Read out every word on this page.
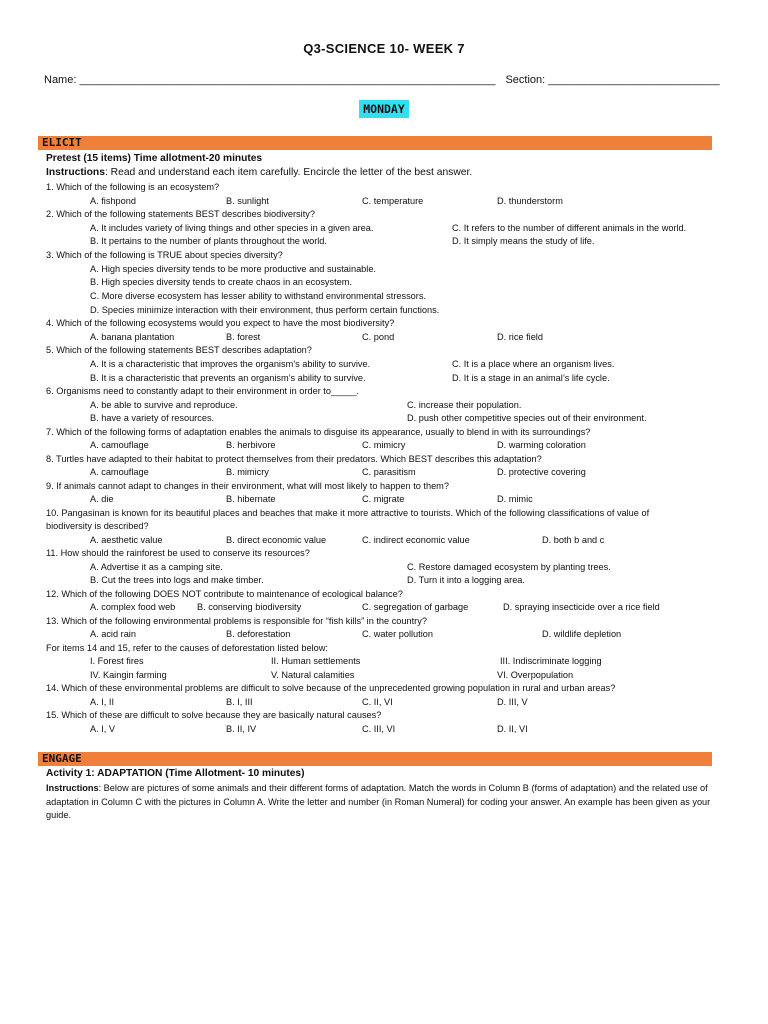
Q3-SCIENCE 10- WEEK 7
Name: ____________________________________________________________________ Section: ____________________________
MONDAY
ELICIT
Pretest (15 items) Time allotment-20 minutes
Instructions: Read and understand each item carefully. Encircle the letter of the best answer.
1. Which of the following is an ecosystem?
A. fishpond	B. sunlight	C. temperature	D. thunderstorm
2. Which of the following statements BEST describes biodiversity?
A. It includes variety of living things and other species in a given area.	C. It refers to the number of different animals in the world.
B. It pertains to the number of plants throughout the world.	D. It simply means the study of life.
3. Which of the following is TRUE about species diversity?
A. High species diversity tends to be more productive and sustainable.
B. High species diversity tends to create chaos in an ecosystem.
C. More diverse ecosystem has lesser ability to withstand environmental stressors.
D. Species minimize interaction with their environment, thus perform certain functions.
4. Which of the following ecosystems would you expect to have the most biodiversity?
A. banana plantation	B. forest	C. pond	D. rice field
5. Which of the following statements BEST describes adaptation?
A. It is a characteristic that improves the organism’s ability to survive.	C. It is a place where an organism lives.
B. It is a characteristic that prevents an organism’s ability to survive.	D. It is a stage in an animal’s life cycle.
6. Organisms need to constantly adapt to their environment in order to_____.
A. be able to survive and reproduce.	C. increase their population.
B. have a variety of resources.	D. push other competitive species out of their environment.
7. Which of the following forms of adaptation enables the animals to disguise its appearance, usually to blend in with its surroundings?
A. camouflage	B. herbivore	C. mimicry	D. warming coloration
8. Turtles have adapted to their habitat to protect themselves from their predators. Which BEST describes this adaptation?
A. camouflage	B. mimicry	C. parasitism	D. protective covering
9. If animals cannot adapt to changes in their environment, what will most likely to happen to them?
A. die	B. hibernate	C. migrate	D. mimic
10. Pangasinan is known for its beautiful places and beaches that make it more attractive to tourists. Which of the following classifications of value of
biodiversity is described?
A. aesthetic value	B. direct economic value	C. indirect economic value	D. both b and c
11. How should the rainforest be used to conserve its resources?
A. Advertise it as a camping site.	C. Restore damaged ecosystem by planting trees.
B. Cut the trees into logs and make timber.	D. Turn it into a logging area.
12. Which of the following DOES NOT contribute to maintenance of ecological balance?
A. complex food web B. conserving biodiversity	C. segregation of garbage	D. spraying insecticide over a rice field
13. Which of the following environmental problems is responsible for “fish kills” in the country?
A. acid rain	B. deforestation	C. water pollution	D. wildlife depletion
For items 14 and 15, refer to the causes of deforestation listed below:
I. Forest fires	II. Human settlements	III. Indiscriminate logging
IV. Kaingin farming	V. Natural calamities	VI. Overpopulation
14. Which of these environmental problems are difficult to solve because of the unprecedented growing population in rural and urban areas?
A. I, II	B. I, III	C. II, VI	D. III, V
15. Which of these are difficult to solve because they are basically natural causes?
A. I, V	B. II, IV	C. III, VI	D. II, VI
ENGAGE
Activity 1: ADAPTATION (Time Allotment- 10 minutes)
Instructions: Below are pictures of some animals and their different forms of adaptation. Match the words in Column B (forms of adaptation) and the related use of adaptation in Column C with the pictures in Column A. Write the letter and number (in Roman Numeral) for coding your answer. An example has been given as your guide.
